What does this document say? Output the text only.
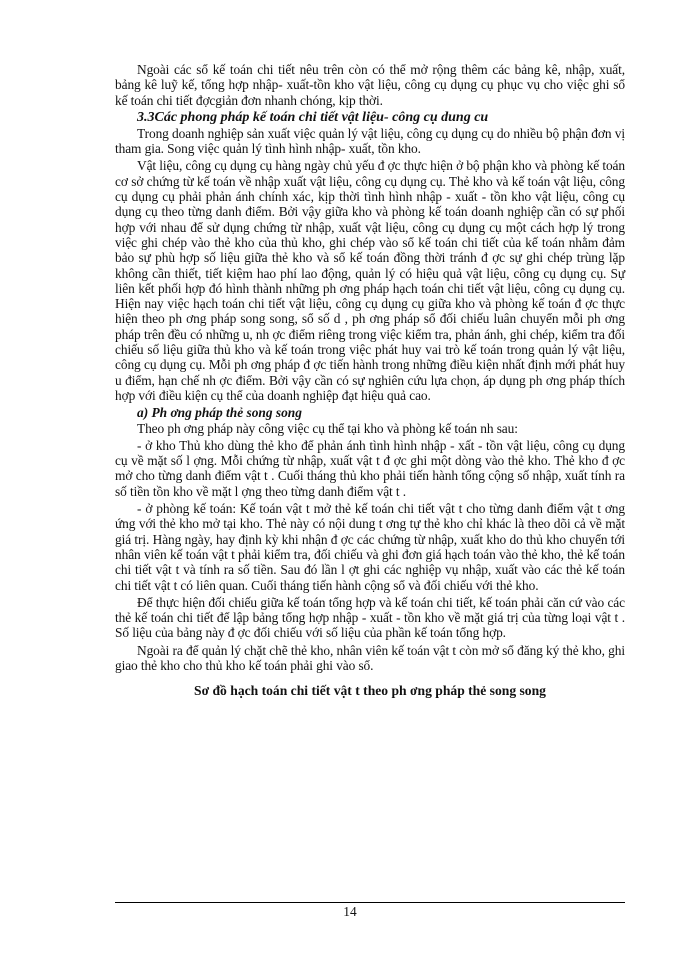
Ngoài các sổ kế toán chi tiết nêu trên còn có thể mở rộng thêm các bảng kê, nhập, xuất, bảng kê luỹ kế, tổng hợp nhập- xuất-tồn kho vật liệu, công cụ dụng cụ phục vụ cho việc ghi sổ kế toán chi tiết đợcgiản đơn nhanh chóng, kịp thời.

3.3Các phong pháp kế toán chi tiết vật liệu- công cụ dung cu

Trong doanh nghiệp sản xuất việc quản lý vật liệu, công cụ dụng cụ do nhiều bộ phận đơn vị tham gia. Song việc quản lý tình hình nhập- xuất, tồn kho.

Vật liệu, công cụ dụng cụ hàng ngày chủ yếu đ ợc thực hiện ở bộ phận kho và phòng kế toán cơ sở chứng từ kế toán về nhập xuất vật liệu, công cụ dụng cụ. Thẻ kho và kế toán vật liệu, công cụ dụng cụ phải phản ánh chính xác, kịp thời tình hình nhập - xuất - tồn kho vật liệu, công cụ dụng cụ theo từng danh điểm. Bởi vậy giữa kho và phòng kế toán doanh nghiệp cần có sự phối hợp với nhau để sử dụng chứng từ nhập, xuất vật liệu, công cụ dụng cụ một cách hợp lý trong việc ghi chép vào thẻ kho của thủ kho, ghi chép vào sổ kế toán chi tiết của kế toán nhằm đảm bảo sự phù hợp số liệu giữa thẻ kho và sổ kế toán đồng thời tránh đ ợc sự ghi chép trùng lặp không cần thiết, tiết kiệm hao phí lao động, quản lý có hiệu quả vật liệu, công cụ dụng cụ. Sự liên kết phối hợp đó hình thành những ph ơng pháp hạch toán chi tiết vật liệu, công cụ dụng cụ. Hiện nay việc hạch toán chi tiết vật liệu, công cụ dụng cụ giữa kho và phòng kế toán đ ợc thực hiện theo ph ơng pháp song song, sổ số d , ph ơng pháp sổ đối chiếu luân chuyển mỗi ph ơng pháp trên đều có những u, nh ợc điểm riêng trong việc kiểm tra, phản ánh, ghi chép, kiểm tra đối chiếu số liệu giữa thủ kho và kế toán trong việc phát huy vai trò kế toán trong quản lý vật liệu, công cụ dụng cụ. Mỗi ph ơng pháp đ ợc tiến hành trong những điều kiện nhất định mới phát huy u điểm, hạn chế nh ợc điểm. Bởi vậy cần có sự nghiên cứu lựa chọn, áp dụng ph ơng pháp thích hợp với điều kiện cụ thể của doanh nghiệp đạt hiệu quả cao.

a) Ph ơng pháp thẻ song song

Theo ph ơng pháp này công việc cụ thể tại kho và phòng kế toán nh sau:

- ở kho Thủ kho dùng thẻ kho để phản ánh tình hình nhập - xất - tồn vật liệu, công cụ dụng cụ về mặt số l ợng. Mỗi chứng từ nhập, xuất vật t đ ợc ghi một dòng vào thẻ kho. Thẻ kho đ ợc mở cho từng danh điểm vật t . Cuối tháng thủ kho phải tiến hành tổng cộng số nhập, xuất tính ra số tiền tồn kho về mặt l ợng theo từng danh điểm vật t .

- ở phòng kế toán: Kế toán vật t mở thẻ kế toán chi tiết vật t cho từng danh điểm vật t ơng ứng với thẻ kho mở tại kho. Thẻ này có nội dung t ơng tự thẻ kho chỉ khác là theo dõi cả về mặt giá trị. Hàng ngày, hay định kỳ khi nhận đ ợc các chứng từ nhập, xuất kho do thủ kho chuyển tới nhân viên kế toán vật t phải kiểm tra, đối chiếu và ghi đơn giá hạch toán vào thẻ kho, thẻ kế toán chi tiết vật t và tính ra số tiền. Sau đó lần l ợt ghi các nghiệp vụ nhập, xuất vào các thẻ kế toán chi tiết vật t có liên quan. Cuối tháng tiến hành cộng sổ và đối chiếu với thẻ kho.

Để thực hiện đối chiếu giữa kế toán tổng hợp và kế toán chi tiết, kế toán phải căn cứ vào các thẻ kế toán chi tiết để lập bảng tổng hợp nhập - xuất - tồn kho về mặt giá trị của từng loại vật t . Số liệu của bảng này đ ợc đối chiếu với số liệu của phần kế toán tổng hợp.

Ngoài ra để quản lý chặt chẽ thẻ kho, nhân viên kế toán vật t còn mở sổ đăng ký thẻ kho, ghi giao thẻ kho cho thủ kho kế toán phải ghi vào sổ.

Sơ đồ hạch toán chi tiết vật t theo ph ơng pháp thẻ song song

14
